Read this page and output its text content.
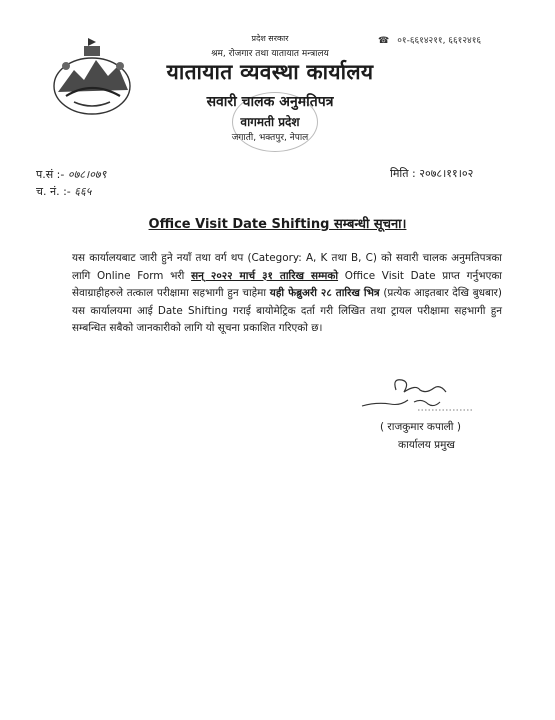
प्रदेश सरकार
श्रम, रोजगार तथा यातायात मन्त्रालय
यातायात व्यवस्था कार्यालय
सवारी चालक अनुमतिपत्र
वागमती प्रदेश
जगाती, भक्तपुर, नेपाल
☎ ०१-६६१४२११, ६६१२४१६
प.सं :- ०७८।०७९
च. नं. :- ६६५
मिति : २०७८।११।०२
Office Visit Date Shifting सम्बन्धी सूचना।
यस कार्यालयबाट जारी हुने नयाँ तथा वर्ग थप (Category: A, K तथा B, C) को सवारी चालक अनुमतिपत्रका लागि Online Form भरी सन् २०२२ मार्च ३१ तारिख सम्मको Office Visit Date प्राप्त गर्नुभएका सेवाग्राहीहरुले तत्काल परीक्षामा सहभागी हुन चाहेमा यही फेब्रुअरी २८ तारिख भित्र (प्रत्येक आइतबार देखि बुधबार) यस कार्यालयमा आई Date Shifting गराई बायोमेट्रिक दर्ता गरी लिखित तथा ट्रायल परीक्षामा सहभागी हुन सम्बन्धित सबैको जानकारीको लागि यो सूचना प्रकाशित गरिएको छ।
( राजकुमार कपाली )
कार्यालय प्रमुख
